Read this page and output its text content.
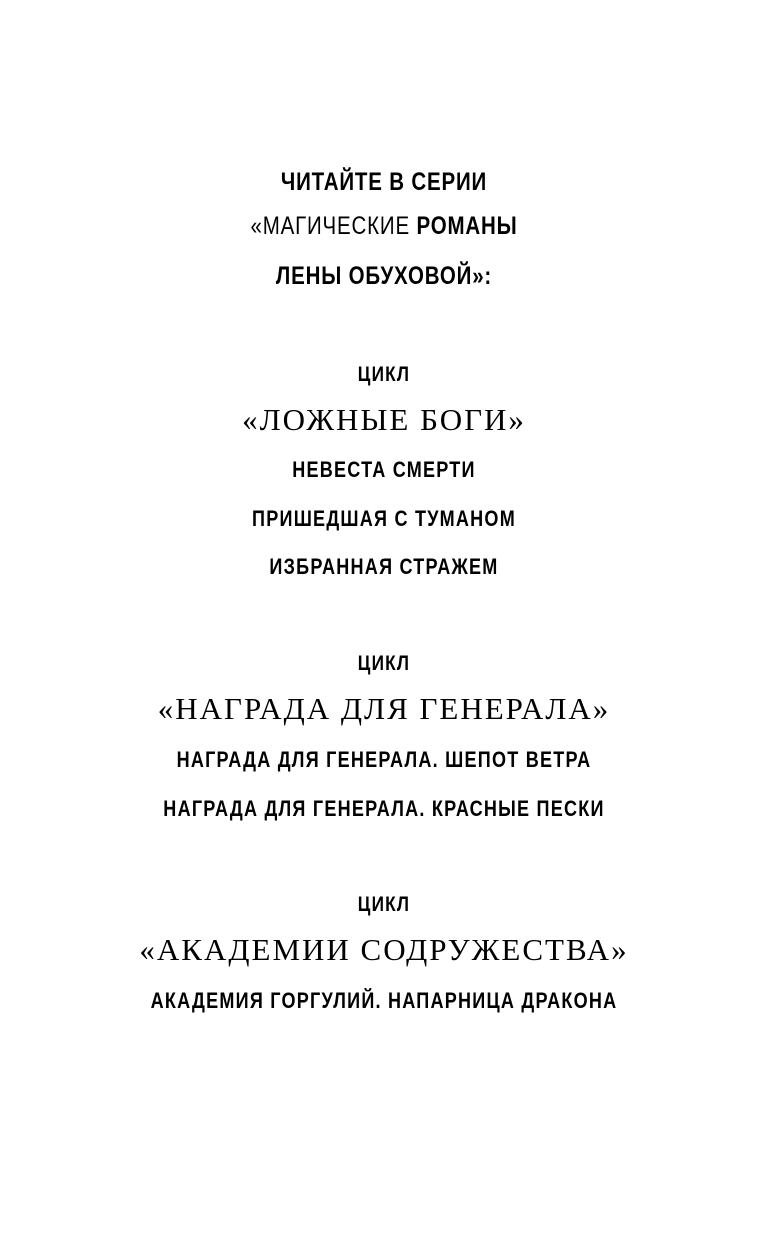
ЧИТАЙТЕ В СЕРИИ
«МАГИЧЕСКИЕ РОМАНЫ
ЛЕНЫ ОБУХОВОЙ»:
ЦИКЛ
«ЛОЖНЫЕ БОГИ»
НЕВЕСТА СМЕРТИ
ПРИШЕДШАЯ С ТУМАНОМ
ИЗБРАННАЯ СТРАЖЕМ
ЦИКЛ
«НАГРАДА ДЛЯ ГЕНЕРАЛА»
НАГРАДА ДЛЯ ГЕНЕРАЛА. ШЕПОТ ВЕТРА
НАГРАДА ДЛЯ ГЕНЕРАЛА. КРАСНЫЕ ПЕСКИ
ЦИКЛ
«АКАДЕМИИ СОДРУЖЕСТВА»
АКАДЕМИЯ ГОРГУЛИЙ. НАПАРНИЦА ДРАКОНА
